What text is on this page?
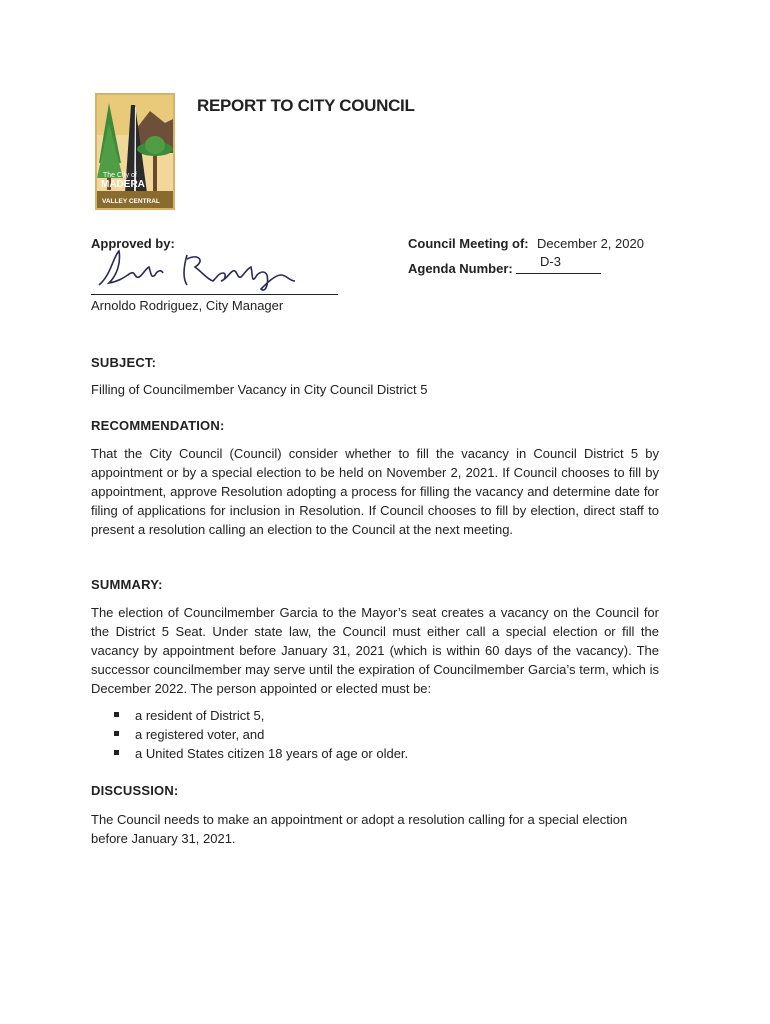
The City of
MADERA
VALLEY CENTRAL
REPORT TO CITY COUNCIL
Approved by:
Arnoldo Rodriguez, City Manager
Council Meeting of: December 2, 2020
Agenda Number: D-3
SUBJECT:
Filling of Councilmember Vacancy in City Council District 5
RECOMMENDATION:
That the City Council (Council) consider whether to fill the vacancy in Council District 5 by appointment or by a special election to be held on November 2, 2021. If Council chooses to fill by appointment, approve Resolution adopting a process for filling the vacancy and determine date for filing of applications for inclusion in Resolution. If Council chooses to fill by election, direct staff to present a resolution calling an election to the Council at the next meeting.
SUMMARY:
The election of Councilmember Garcia to the Mayor’s seat creates a vacancy on the Council for the District 5 Seat. Under state law, the Council must either call a special election or fill the vacancy by appointment before January 31, 2021 (which is within 60 days of the vacancy). The successor councilmember may serve until the expiration of Councilmember Garcia’s term, which is December 2022. The person appointed or elected must be:
a resident of District 5,
a registered voter, and
a United States citizen 18 years of age or older.
DISCUSSION:
The Council needs to make an appointment or adopt a resolution calling for a special election before January 31, 2021.
